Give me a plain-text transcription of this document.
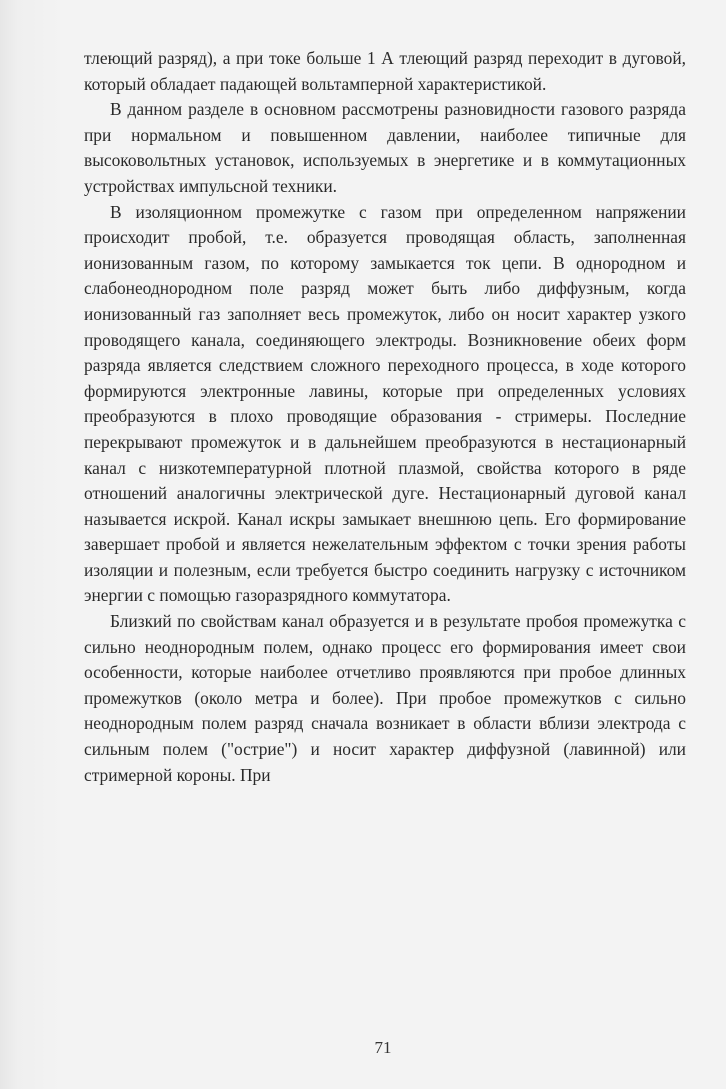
тлеющий разряд), а при токе больше 1 А тлеющий разряд переходит в дуговой, который обладает падающей вольтамперной характеристикой.

В данном разделе в основном рассмотрены разновидности газового разряда при нормальном и повышенном давлении, наиболее типичные для высоковольтных установок, используемых в энергетике и в коммутационных устройствах импульсной техники.

В изоляционном промежутке с газом при определенном напряжении происходит пробой, т.е. образуется проводящая область, заполненная ионизованным газом, по которому замыкается ток цепи. В однородном и слабонеоднородном поле разряд может быть либо диффузным, когда ионизованный газ заполняет весь промежуток, либо он носит характер узкого проводящего канала, соединяющего электроды. Возникновение обеих форм разряда является следствием сложного переходного процесса, в ходе которого формируются электронные лавины, которые при определенных условиях преобразуются в плохо проводящие образования - стримеры. Последние перекрывают промежуток и в дальнейшем преобразуются в нестационарный канал с низкотемпературной плотной плазмой, свойства которого в ряде отношений аналогичны электрической дуге. Нестационарный дуговой канал называется искрой. Канал искры замыкает внешнюю цепь. Его формирование завершает пробой и является нежелательным эффектом с точки зрения работы изоляции и полезным, если требуется быстро соединить нагрузку с источником энергии с помощью газоразрядного коммутатора.

Близкий по свойствам канал образуется и в результате пробоя промежутка с сильно неоднородным полем, однако процесс его формирования имеет свои особенности, которые наиболее отчетливо проявляются при пробое длинных промежутков (около метра и более). При пробое промежутков с сильно неоднородным полем разряд сначала возникает в области вблизи электрода с сильным полем ("острие") и носит характер диффузной (лавинной) или стримерной короны. При

71
